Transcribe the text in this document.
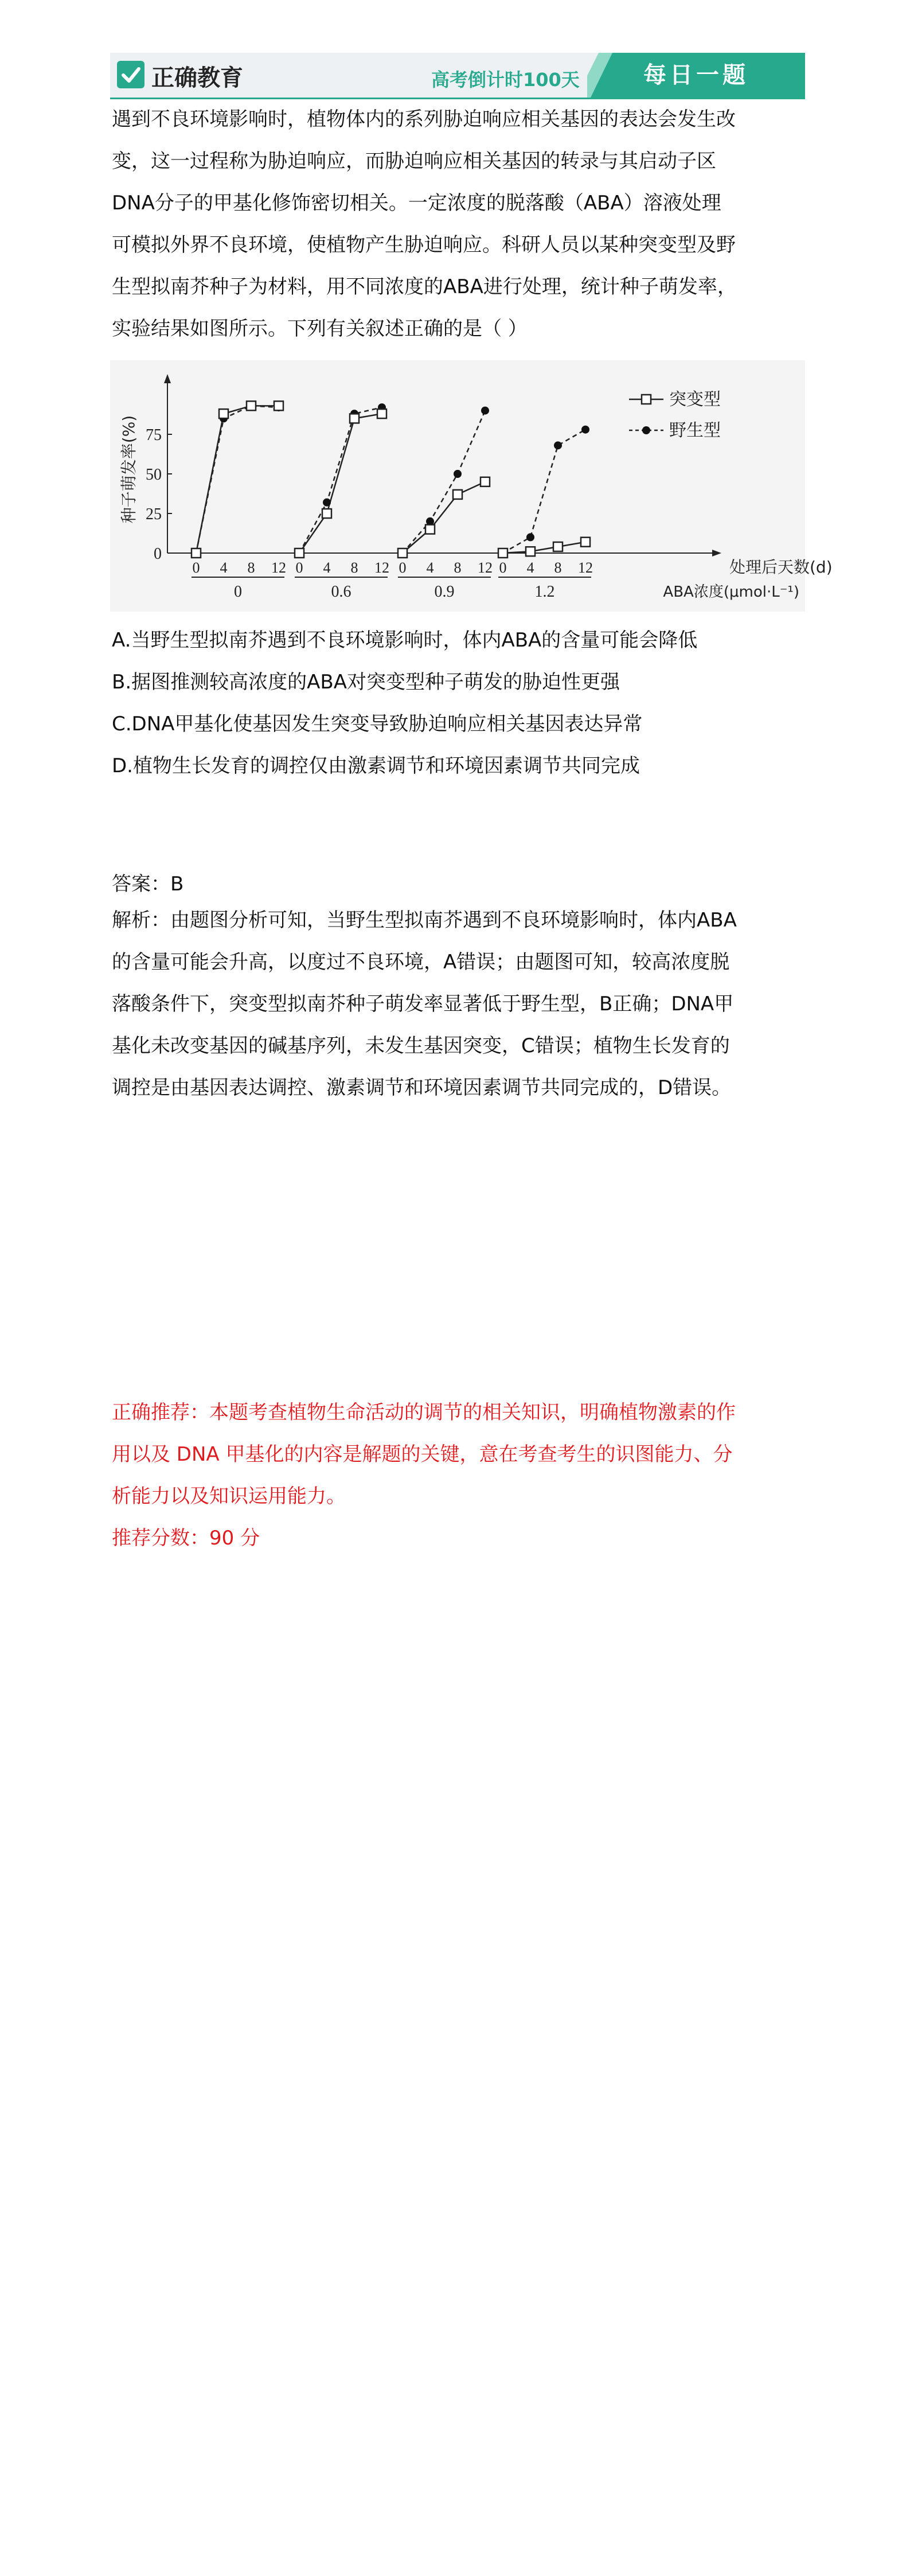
正确教育	高考倒计时100天	每日一题
遇到不良环境影响时，植物体内的系列胁迫响应相关基因的表达会发生改
变，这一过程称为胁迫响应，而胁迫响应相关基因的转录与其启动子区
DNA分子的甲基化修饰密切相关。一定浓度的脱落酸（ABA）溶液处理
可模拟外界不良环境，使植物产生胁迫响应。科研人员以某种突变型及野
生型拟南芥种子为材料，用不同浓度的ABA进行处理，统计种子萌发率，
实验结果如图所示。下列有关叙述正确的是（ ）
0
25
50
75
种子萌发率(%)
0 4 8 12
0
0 4 8 12
0.6
0 4 8 12
0.9
0 4 8 12
1.2
处理后天数(d)
ABA浓度(μmol·L⁻¹)
突变型
野生型
A.当野生型拟南芥遇到不良环境影响时，体内ABA的含量可能会降低
B.据图推测较高浓度的ABA对突变型种子萌发的胁迫性更强
C.DNA甲基化使基因发生突变导致胁迫响应相关基因表达异常
D.植物生长发育的调控仅由激素调节和环境因素调节共同完成
答案：B
解析：由题图分析可知，当野生型拟南芥遇到不良环境影响时，体内ABA
的含量可能会升高，以度过不良环境，A错误；由题图可知，较高浓度脱
落酸条件下，突变型拟南芥种子萌发率显著低于野生型，B正确；DNA甲
基化未改变基因的碱基序列，未发生基因突变，C错误；植物生长发育的
调控是由基因表达调控、激素调节和环境因素调节共同完成的，D错误。
正确推荐：本题考查植物生命活动的调节的相关知识，明确植物激素的作
用以及 DNA 甲基化的内容是解题的关键，意在考查考生的识图能力、分
析能力以及知识运用能力。
推荐分数：90 分
